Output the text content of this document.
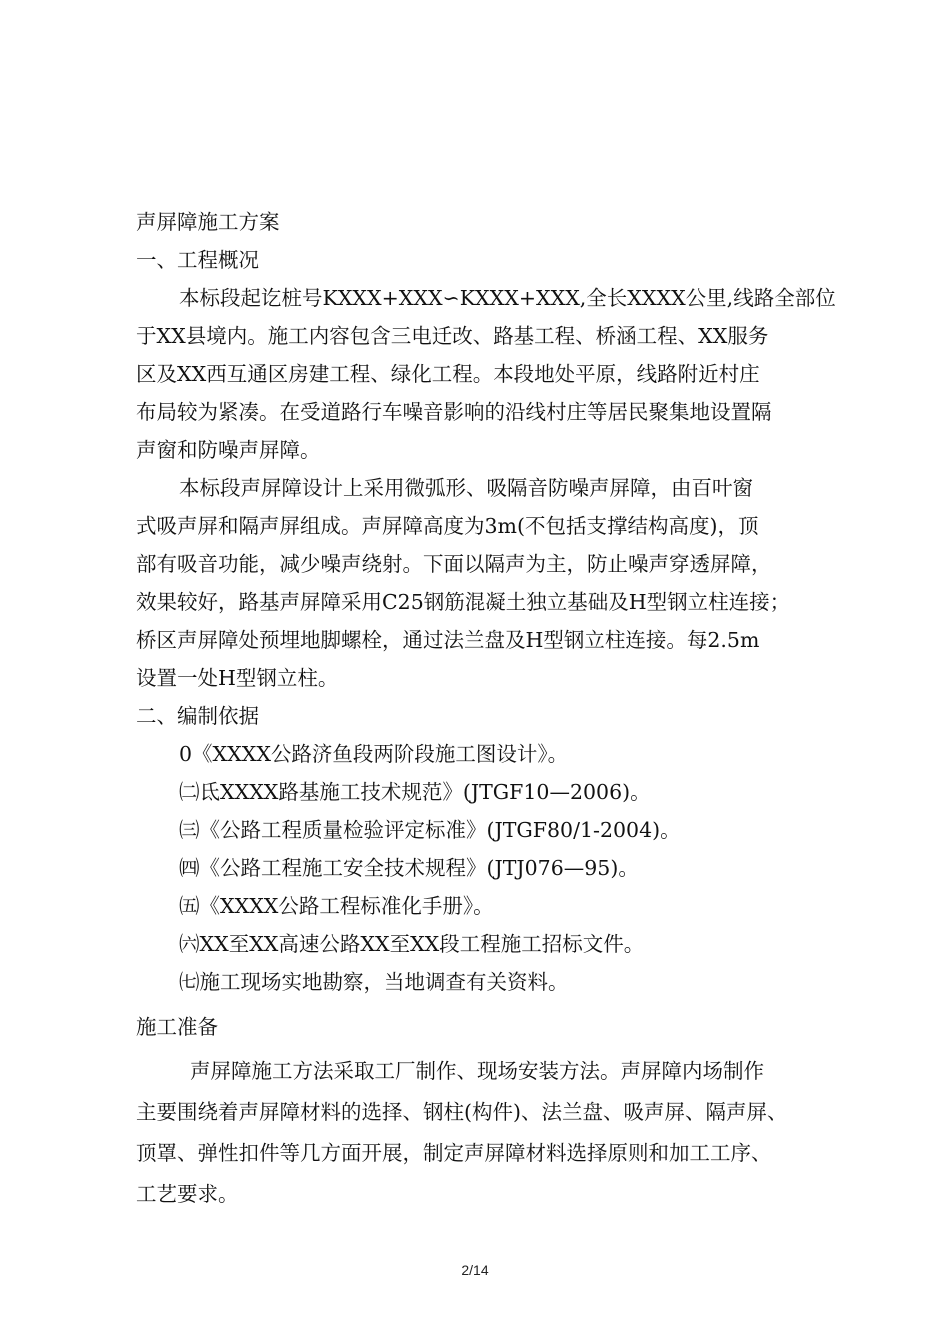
声屏障施工方案
一、工程概况
本标段起讫桩号KXXX+XXX∽KXXX+XXX,全长XXXX公里,线路全部位
于XX县境内。施工内容包含三电迁改、路基工程、桥涵工程、XX服务
区及XX西互通区房建工程、绿化工程。本段地处平原，线路附近村庄
布局较为紧凑。在受道路行车噪音影响的沿线村庄等居民聚集地设置隔
声窗和防噪声屏障。
本标段声屏障设计上采用微弧形、吸隔音防噪声屏障，由百叶窗
式吸声屏和隔声屏组成。声屏障高度为3m(不包括支撑结构高度)，顶
部有吸音功能，减少噪声绕射。下面以隔声为主，防止噪声穿透屏障，
效果较好，路基声屏障采用C25钢筋混凝土独立基础及H型钢立柱连接；
桥区声屏障处预埋地脚螺栓，通过法兰盘及H型钢立柱连接。每2.5m
设置一处H型钢立柱。
二、编制依据
0《XXXX公路济鱼段两阶段施工图设计》。
㈡氐XXXX路基施工技术规范》(JTGF10—2006)。
㈢《公路工程质量检验评定标准》(JTGF80/1-2004)。
㈣《公路工程施工安全技术规程》(JTJ076—95)。
㈤《XXXX公路工程标准化手册》。
㈥XX至XX高速公路XX至XX段工程施工招标文件。
㈦施工现场实地勘察，当地调查有关资料。
施工准备
声屏障施工方法采取工厂制作、现场安装方法。声屏障内场制作
主要围绕着声屏障材料的选择、钢柱(构件)、法兰盘、吸声屏、隔声屏、
顶罩、弹性扣件等几方面开展，制定声屏障材料选择原则和加工工序、
工艺要求。
2/14
